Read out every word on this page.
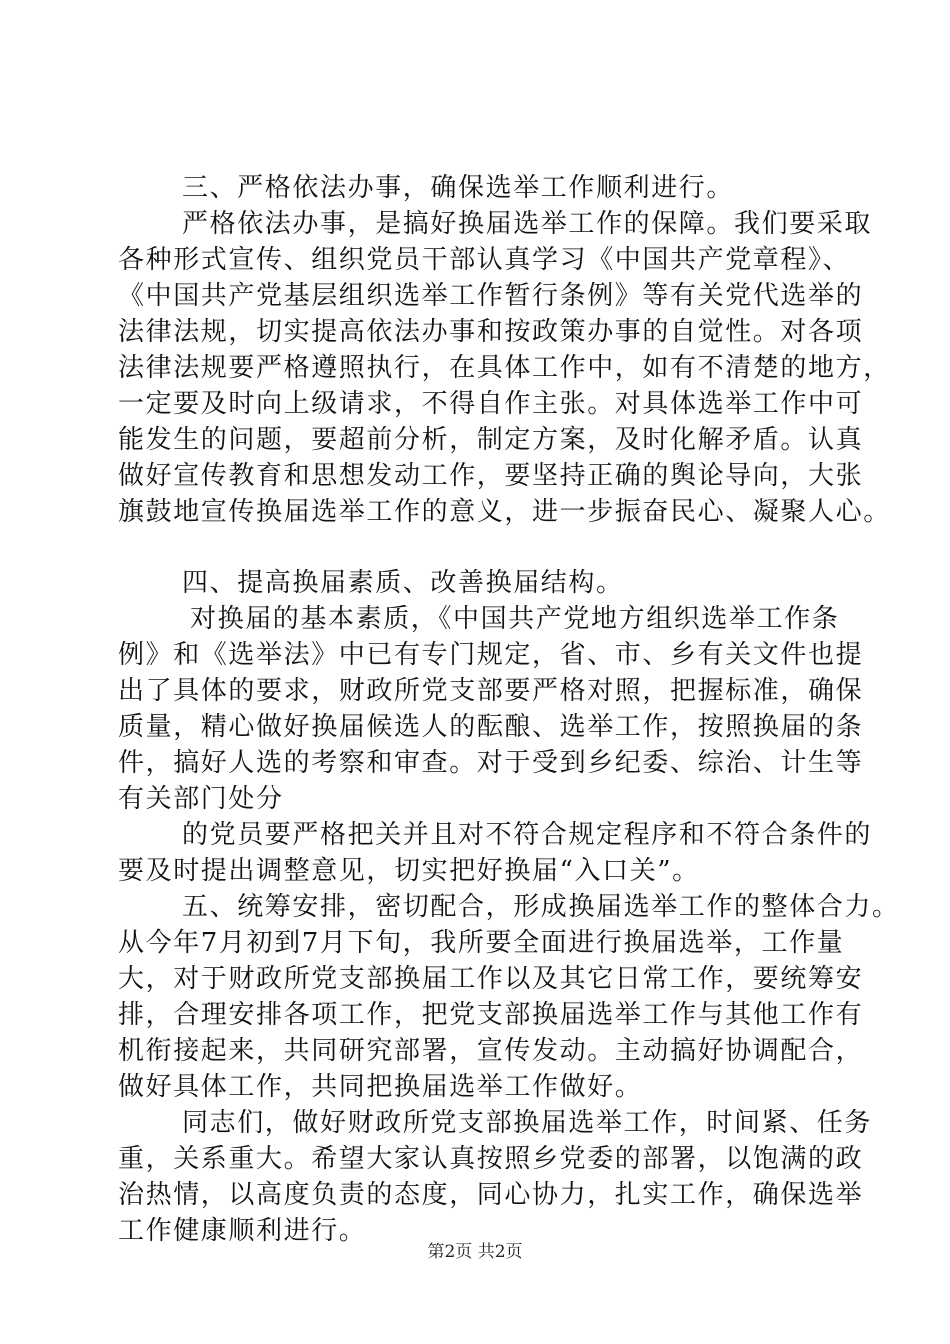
三、严格依法办事，确保选举工作顺利进行。

严格依法办事，是搞好换届选举工作的保障。我们要采取

各种形式宣传、组织党员干部认真学习《中国共产党章程》、

《中国共产党基层组织选举工作暂行条例》等有关党代选举的

法律法规，切实提高依法办事和按政策办事的自觉性。对各项

法律法规要严格遵照执行，在具体工作中，如有不清楚的地方，

一定要及时向上级请求，不得自作主张。对具体选举工作中可

能发生的问题，要超前分析，制定方案，及时化解矛盾。认真

做好宣传教育和思想发动工作，要坚持正确的舆论导向，大张

旗鼓地宣传换届选举工作的意义，进一步振奋民心、凝聚人心。

四、提高换届素质、改善换届结构。

对换届的基本素质，《中国共产党地方组织选举工作条

例》和《选举法》中已有专门规定，省、市、乡有关文件也提

出了具体的要求，财政所党支部要严格对照，把握标准，确保

质量，精心做好换届候选人的酝酿、选举工作，按照换届的条

件，搞好人选的考察和审查。对于受到乡纪委、综治、计生等

有关部门处分

的党员要严格把关并且对不符合规定程序和不符合条件的

要及时提出调整意见，切实把好换届“入口关”。

五、统筹安排，密切配合，形成换届选举工作的整体合力。

从今年7月初到7月下旬，我所要全面进行换届选举，工作量

大，对于财政所党支部换届工作以及其它日常工作，要统筹安

排，合理安排各项工作，把党支部换届选举工作与其他工作有

机衔接起来，共同研究部署，宣传发动。主动搞好协调配合，

做好具体工作，共同把换届选举工作做好。

同志们，做好财政所党支部换届选举工作，时间紧、任务

重，关系重大。希望大家认真按照乡党委的部署，以饱满的政

治热情，以高度负责的态度，同心协力，扎实工作，确保选举

工作健康顺利进行。

第2页 共2页
